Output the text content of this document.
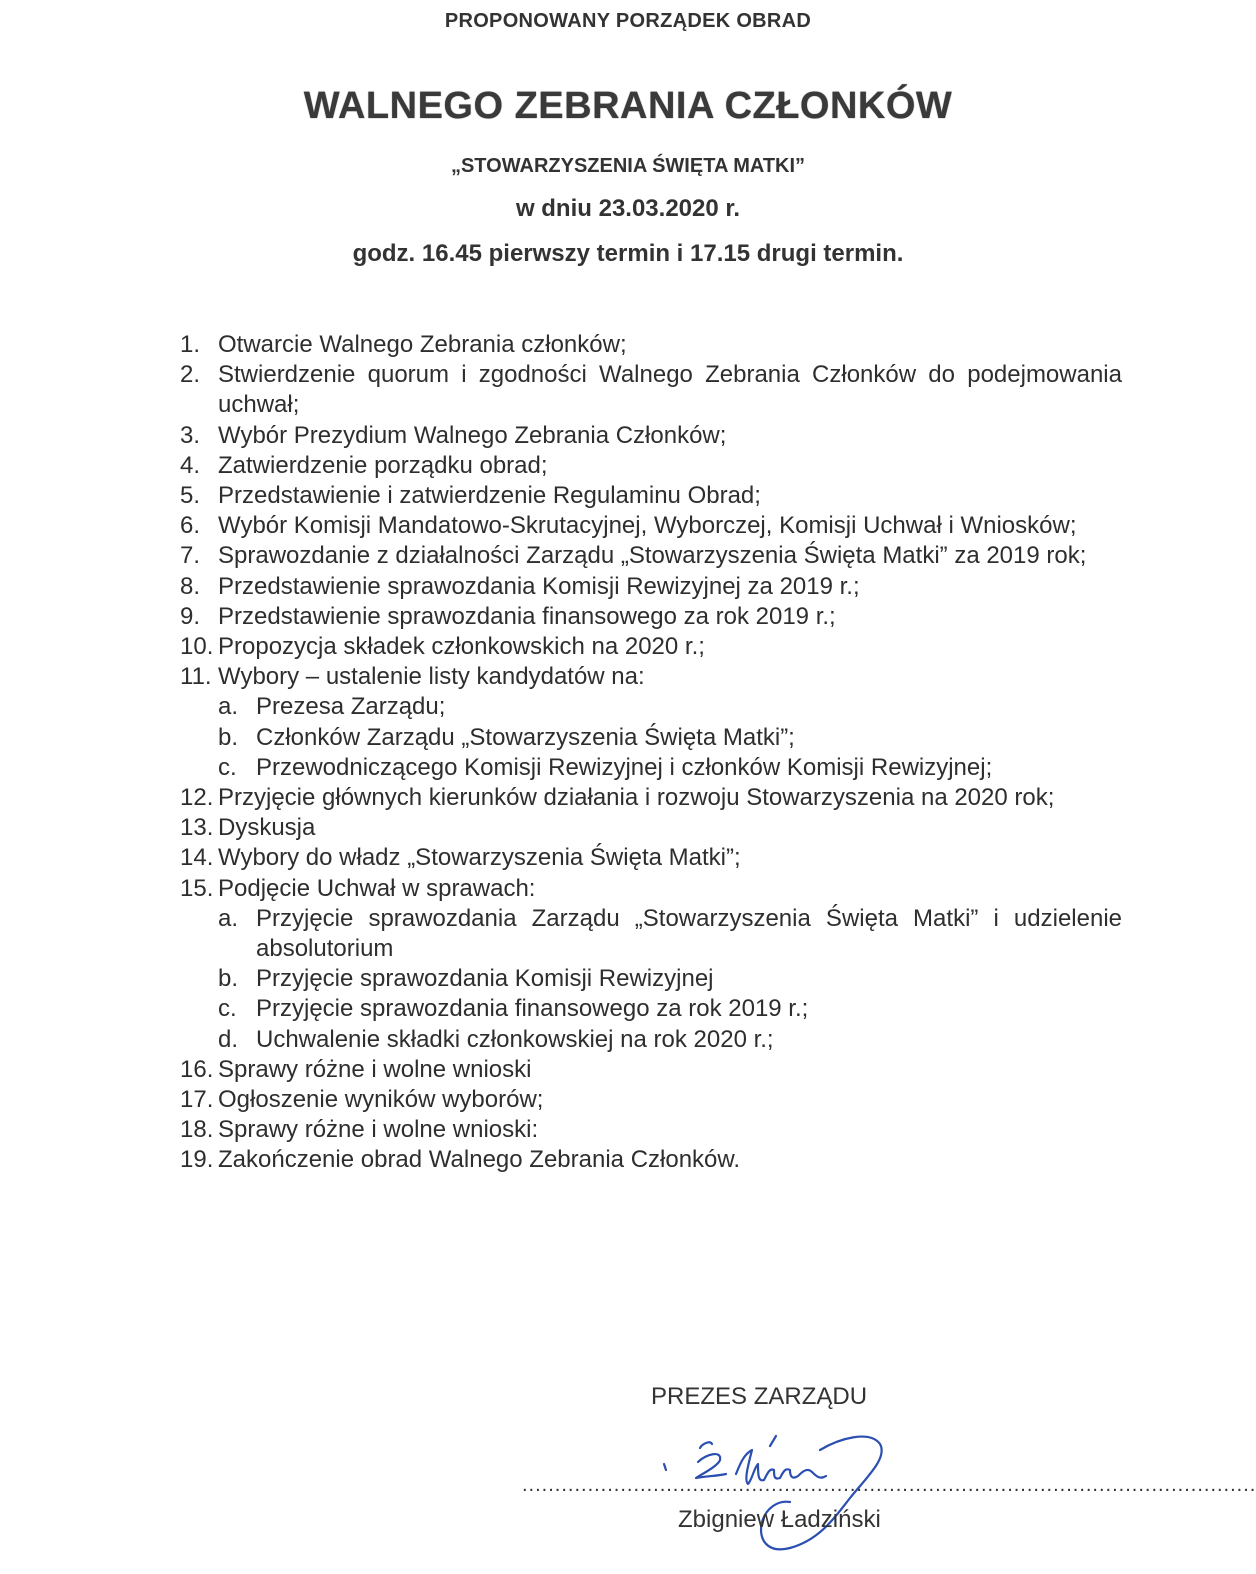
PROPONOWANY PORZĄDEK OBRAD
WALNEGO ZEBRANIA CZŁONKÓW
„STOWARZYSZENIA ŚWIĘTA MATKI”
w dniu 23.03.2020 r.
godz. 16.45 pierwszy termin i 17.15 drugi termin.
1. Otwarcie Walnego Zebrania członków;
2. Stwierdzenie quorum i zgodności Walnego Zebrania Członków do podejmowania uchwał;
3. Wybór Prezydium Walnego Zebrania Członków;
4. Zatwierdzenie porządku obrad;
5. Przedstawienie i zatwierdzenie Regulaminu Obrad;
6. Wybór Komisji Mandatowo-Skrutacyjnej, Wyborczej, Komisji Uchwał i Wniosków;
7. Sprawozdanie z działalności Zarządu „Stowarzyszenia Święta Matki” za 2019 rok;
8. Przedstawienie sprawozdania Komisji Rewizyjnej za 2019 r.;
9. Przedstawienie sprawozdania finansowego za rok 2019 r.;
10. Propozycja składek członkowskich na 2020 r.;
11. Wybory – ustalenie listy kandydatów na:
a. Prezesa Zarządu;
b. Członków Zarządu „Stowarzyszenia Święta Matki”;
c. Przewodniczącego Komisji Rewizyjnej i członków Komisji Rewizyjnej;
12. Przyjęcie głównych kierunków działania i rozwoju Stowarzyszenia na 2020 rok;
13. Dyskusja
14. Wybory do władz „Stowarzyszenia Święta Matki”;
15. Podjęcie Uchwał w sprawach:
a. Przyjęcie sprawozdania Zarządu „Stowarzyszenia Święta Matki” i udzielenie absolutorium
b. Przyjęcie sprawozdania Komisji Rewizyjnej
c. Przyjęcie sprawozdania finansowego za rok 2019 r.;
d. Uchwalenie składki członkowskiej na rok 2020 r.;
16. Sprawy różne i wolne wnioski
17. Ogłoszenie wyników wyborów;
18. Sprawy różne i wolne wnioski:
19. Zakończenie obrad Walnego Zebrania Członków.
PREZES ZARZĄDU
................................................................................................................
Zbigniew Ładziński
